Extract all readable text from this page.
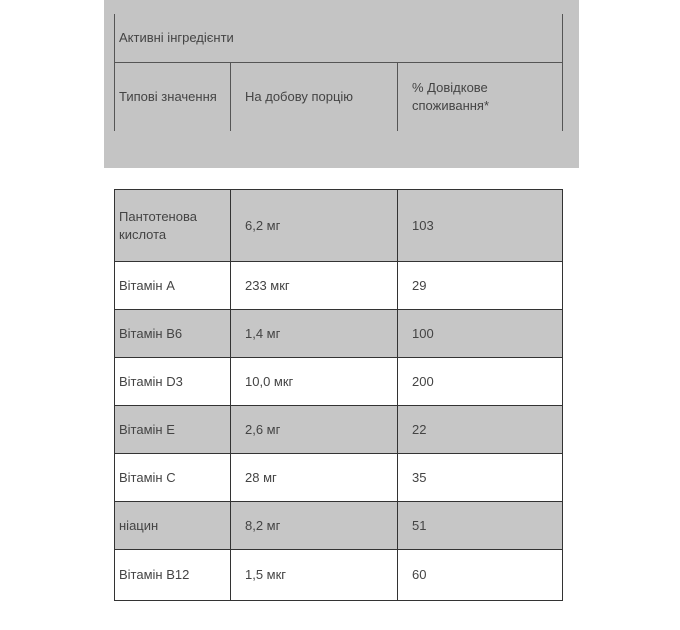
Активні інгредієнти
Типові значення	На добову порцію	% Довідкове споживання*
Пантотенова кислота	6,2 мг	103
Вітамін A	233 мкг	29
Вітамін B6	1,4 мг	100
Вітамін D3	10,0 мкг	200
Вітамін E	2,6 мг	22
Вітамін C	28 мг	35
ніацин	8,2 мг	51
Вітамін B12	1,5 мкг	60
